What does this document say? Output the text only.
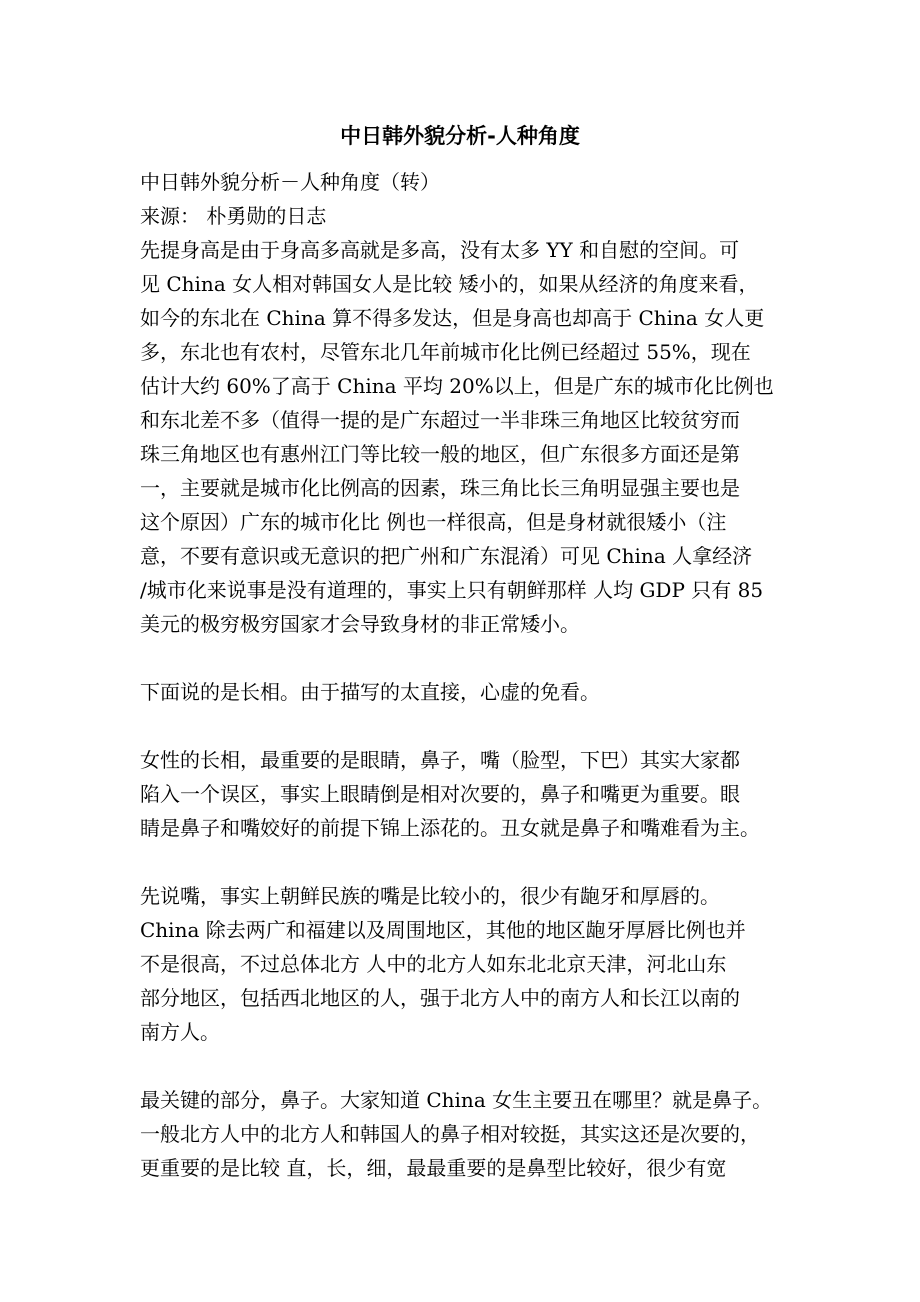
中日韩外貌分析-人种角度
中日韩外貌分析－人种角度（转）
来源： 朴勇勋的日志
先提身高是由于身高多高就是多高，没有太多 YY 和自慰的空间。可
见 China 女人相对韩国女人是比较 矮小的，如果从经济的角度来看，
如今的东北在 China 算不得多发达，但是身高也却高于 China 女人更
多，东北也有农村，尽管东北几年前城市化比例已经超过 55%，现在
估计大约 60%了高于 China 平均 20%以上，但是广东的城市化比例也
和东北差不多（值得一提的是广东超过一半非珠三角地区比较贫穷而
珠三角地区也有惠州江门等比较一般的地区，但广东很多方面还是第
一，主要就是城市化比例高的因素，珠三角比长三角明显强主要也是
这个原因）广东的城市化比 例也一样很高，但是身材就很矮小（注
意，不要有意识或无意识的把广州和广东混淆）可见 China 人拿经济
/城市化来说事是没有道理的，事实上只有朝鲜那样 人均 GDP 只有 85
美元的极穷极穷国家才会导致身材的非正常矮小。
下面说的是长相。由于描写的太直接，心虚的免看。
女性的长相，最重要的是眼睛，鼻子，嘴（脸型，下巴）其实大家都
陷入一个误区，事实上眼睛倒是相对次要的，鼻子和嘴更为重要。眼
睛是鼻子和嘴姣好的前提下锦上添花的。丑女就是鼻子和嘴难看为主。
先说嘴，事实上朝鲜民族的嘴是比较小的，很少有龅牙和厚唇的。
China 除去两广和福建以及周围地区，其他的地区龅牙厚唇比例也并
不是很高，不过总体北方 人中的北方人如东北北京天津，河北山东
部分地区，包括西北地区的人，强于北方人中的南方人和长江以南的
南方人。
最关键的部分，鼻子。大家知道 China 女生主要丑在哪里？就是鼻子。
一般北方人中的北方人和韩国人的鼻子相对较挺，其实这还是次要的，
更重要的是比较 直，长，细，最最重要的是鼻型比较好，很少有宽
